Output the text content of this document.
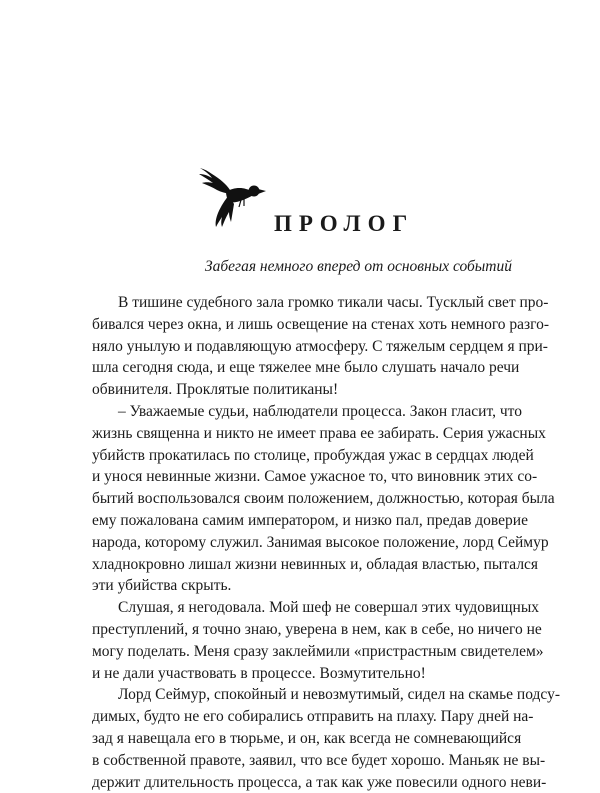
ПРОЛОГ

Забегая немного вперед от основных событий

В тишине судебного зала громко тикали часы. Тусклый свет про-
бивался через окна, и лишь освещение на стенах хоть немного разго-
няло унылую и подавляющую атмосферу. С тяжелым сердцем я при-
шла сегодня сюда, и еще тяжелее мне было слушать начало речи
обвинителя. Проклятые политиканы!
– Уважаемые судьи, наблюдатели процесса. Закон гласит, что
жизнь священна и никто не имеет права ее забирать. Серия ужасных
убийств прокатилась по столице, пробуждая ужас в сердцах людей
и унося невинные жизни. Самое ужасное то, что виновник этих со-
бытий воспользовался своим положением, должностью, которая была
ему пожалована самим императором, и низко пал, предав доверие
народа, которому служил. Занимая высокое положение, лорд Сеймур
хладнокровно лишал жизни невинных и, обладая властью, пытался
эти убийства скрыть.
Слушая, я негодовала. Мой шеф не совершал этих чудовищных
преступлений, я точно знаю, уверена в нем, как в себе, но ничего не
могу поделать. Меня сразу заклеймили «пристрастным свидетелем»
и не дали участвовать в процессе. Возмутительно!
Лорд Сеймур, спокойный и невозмутимый, сидел на скамье подсу-
димых, будто не его собирались отправить на плаху. Пару дней на-
зад я навещала его в тюрьме, и он, как всегда не сомневающийся
в собственной правоте, заявил, что все будет хорошо. Маньяк не вы-
держит длительность процесса, а так как уже повесили одного неви-
